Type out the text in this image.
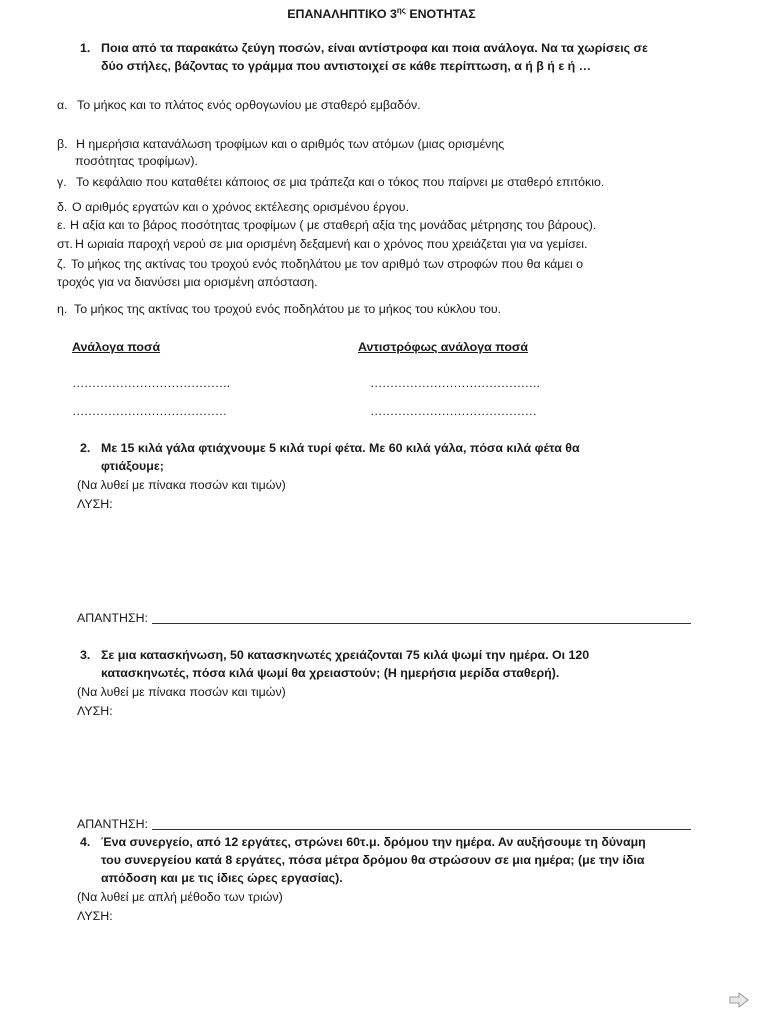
ΕΠΑΝΑΛΗΠΤΙΚΟ $3^{\eta\varsigma}$ ΕΝΟΤΗΤΑΣ
1. Ποια από τα παρακάτω ζεύγη ποσών, είναι αντίστροφα και ποια ανάλογα. Να τα χωρίσεις σε
δύο στήλες, βάζοντας το γράμμα που αντιστοιχεί σε κάθε περίπτωση, α ή β ή ε ή …
α. Το μήκος και το πλάτος ενός ορθογωνίου με σταθερό εμβαδόν.
β. Η ημερήσια κατανάλωση τροφίμων και ο αριθμός των ατόμων (μιας ορισμένης
ποσότητας τροφίμων).
γ. Το κεφάλαιο που καταθέτει κάποιος σε μια τράπεζα και ο τόκος που παίρνει με σταθερό επιτόκιο.
δ. Ο αριθμός εργατών και ο χρόνος εκτέλεσης ορισμένου έργου.
ε. Η αξία και το βάρος ποσότητας τροφίμων ( με σταθερή αξία της μονάδας μέτρησης του βάρους).
στ. Η ωριαία παροχή νερού σε μια ορισμένη δεξαμενή και ο χρόνος που χρειάζεται για να γεμίσει.
ζ. Το μήκος της ακτίνας του τροχού ενός ποδηλάτου με τον αριθμό των στροφών που θα κάμει ο
τροχός για να διανύσει μια ορισμένη απόσταση.
η. Το μήκος της ακτίνας του τροχού ενός ποδηλάτου με το μήκος του κύκλου του.
Ανάλογα ποσά	Αντιστρόφως ανάλογα ποσά
………………………………….
…………………………………
…………………………………….
……………………………………
2. Με 15 κιλά γάλα φτιάχνουμε 5 κιλά τυρί φέτα. Με 60 κιλά γάλα, πόσα κιλά φέτα θα
φτιάξουμε;
(Να λυθεί με πίνακα ποσών και τιμών)
ΛΥΣΗ:
ΑΠΑΝΤΗΣΗ:
3. Σε μια κατασκήνωση, 50 κατασκηνωτές χρειάζονται 75 κιλά ψωμί την ημέρα. Οι 120
κατασκηνωτές, πόσα κιλά ψωμί θα χρειαστούν; (Η ημερήσια μερίδα σταθερή).
(Να λυθεί με πίνακα ποσών και τιμών)
ΛΥΣΗ:
ΑΠΑΝΤΗΣΗ:
4. Ένα συνεργείο, από 12 εργάτες, στρώνει 60τ.μ. δρόμου την ημέρα. Αν αυξήσουμε τη δύναμη
του συνεργείου κατά 8 εργάτες, πόσα μέτρα δρόμου θα στρώσουν σε μια ημέρα; (με την ίδια
απόδοση και με τις ίδιες ώρες εργασίας).
(Να λυθεί με απλή μέθοδο των τριών)
ΛΥΣΗ:
